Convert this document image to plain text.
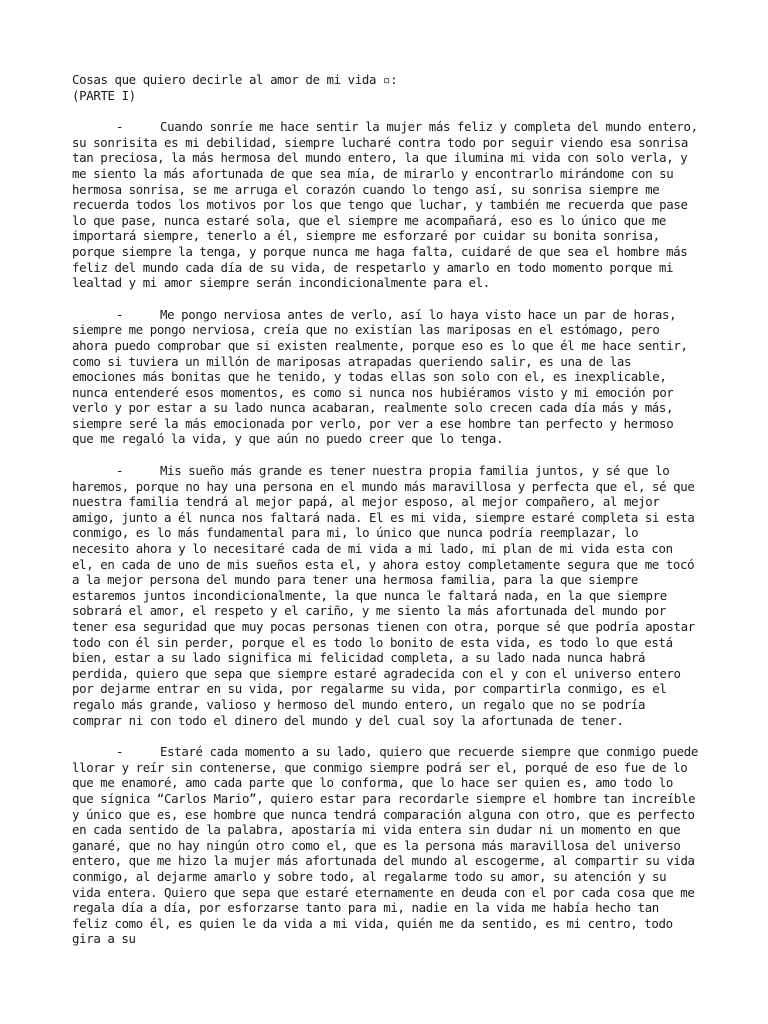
Cosas que quiero decirle al amor de mi vida ▫:

(PARTE I)

-	Cuando sonríe me hace sentir la mujer más feliz y completa del mundo entero, su sonrisita es mi debilidad, siempre lucharé contra todo por seguir viendo esa sonrisa tan preciosa, la más hermosa del mundo entero, la que ilumina mi vida con solo verla, y me siento la más afortunada de que sea mía, de mirarlo y encontrarlo mirándome con su hermosa sonrisa, se me arruga el corazón cuando lo tengo así, su sonrisa siempre me recuerda todos los motivos por los que tengo que luchar, y también me recuerda que pase lo que pase, nunca estaré sola, que el siempre me acompañará, eso es lo único que me importará siempre, tenerlo a él, siempre me esforzaré por cuidar su bonita sonrisa, porque siempre la tenga, y porque nunca me haga falta, cuidaré de que sea el hombre más feliz del mundo cada día de su vida, de respetarlo y amarlo en todo momento porque mi lealtad y mi amor siempre serán incondicionalmente para el.

-	Me pongo nerviosa antes de verlo, así lo haya visto hace un par de horas, siempre me pongo nerviosa, creía que no existían las mariposas en el estómago, pero ahora puedo comprobar que si existen realmente, porque eso es lo que él me hace sentir, como si tuviera un millón de mariposas atrapadas queriendo salir, es una de las emociones más bonitas que he tenido, y todas ellas son solo con el, es inexplicable, nunca entenderé esos momentos, es como si nunca nos hubiéramos visto y mi emoción por verlo y por estar a su lado nunca acabaran, realmente solo crecen cada día más y más, siempre seré la más emocionada por verlo, por ver a ese hombre tan perfecto y hermoso que me regaló la vida, y que aún no puedo creer que lo tenga.

-	Mis sueño más grande es tener nuestra propia familia juntos, y sé que lo haremos, porque no hay una persona en el mundo más maravillosa y perfecta que el, sé que nuestra familia tendrá al mejor papá, al mejor esposo, al mejor compañero, al mejor amigo, junto a él nunca nos faltará nada. El es mi vida, siempre estaré completa si esta conmigo, es lo más fundamental para mi, lo único que nunca podría reemplazar, lo necesito ahora y lo necesitaré cada de mi vida a mi lado, mi plan de mi vida esta con el, en cada de uno de mis sueños esta el, y ahora estoy completamente segura que me tocó a la mejor persona del mundo para tener una hermosa familia, para la que siempre estaremos juntos incondicionalmente, la que nunca le faltará nada, en la que siempre sobrará el amor, el respeto y el cariño, y me siento la más afortunada del mundo por tener esa seguridad que muy pocas personas tienen con otra, porque sé que podría apostar todo con él sin perder, porque el es todo lo bonito de esta vida, es todo lo que está bien, estar a su lado significa mi felicidad completa, a su lado nada nunca habrá perdida, quiero que sepa que siempre estaré agradecida con el y con el universo entero por dejarme entrar en su vida, por regalarme su vida, por compartirla conmigo, es el regalo más grande, valioso y hermoso del mundo entero, un regalo que no se podría comprar ni con todo el dinero del mundo y del cual soy la afortunada de tener.

-	Estaré cada momento a su lado, quiero que recuerde siempre que conmigo puede llorar y reír sin contenerse, que conmigo siempre podrá ser el, porqué de eso fue de lo que me enamoré, amo cada parte que lo conforma, que lo hace ser quien es, amo todo lo que sígnica “Carlos Mario”, quiero estar para recordarle siempre el hombre tan increíble y único que es, ese hombre que nunca tendrá comparación alguna con otro, que es perfecto en cada sentido de la palabra, apostaría mi vida entera sin dudar ni un momento en que ganaré, que no hay ningún otro como el, que es la persona más maravillosa del universo entero, que me hizo la mujer más afortunada del mundo al escogerme, al compartir su vida conmigo, al dejarme amarlo y sobre todo, al regalarme todo su amor, su atención y su vida entera. Quiero que sepa que estaré eternamente en deuda con el por cada cosa que me regala día a día, por esforzarse tanto para mi, nadie en la vida me había hecho tan feliz como él, es quien le da vida a mi vida, quién me da sentido, es mi centro, todo gira a su
